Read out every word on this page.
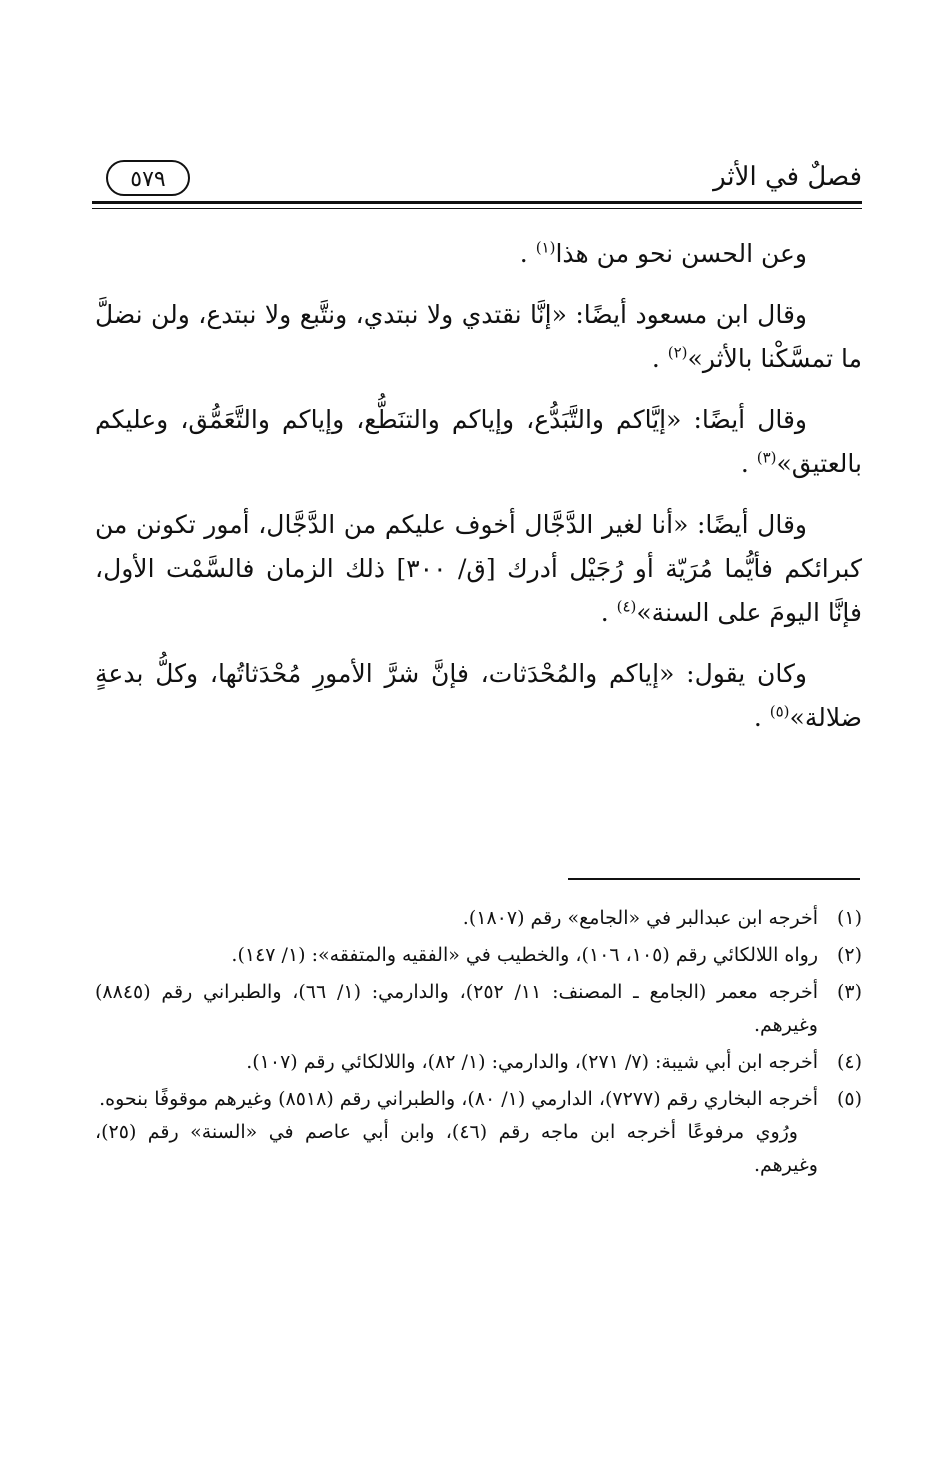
فصلٌ في الأثر
٥٧٩

وعن الحسن نحو من هذا$^{(١)}$ .

وقال ابن مسعود أيضًا: «إنَّا نقتدي ولا نبتدي، ونتَّبع ولا نبتدع، ولن نضلَّ ما تمسَّكْنا بالأثر»$^{(٢)}$ .

وقال أيضًا: «إيَّاكم والتَّبَدُّع، وإياكم والتنَطُّع، وإياكم والتَّعَمُّق، وعليكم بالعتيق»$^{(٣)}$ .

وقال أيضًا: «أنا لغير الدَّجَّال أخوف عليكم من الدَّجَّال، أمور تكونن من كبرائكم فأيُّما مُرَيّة أو رُجَيْل أدرك [ق/ ٣٠٠] ذلك الزمان فالسَّمْت الأول، فإنَّا اليومَ على السنة»$^{(٤)}$ .

وكان يقول: «إياكم والمُحْدَثات، فإنَّ شرَّ الأمورِ مُحْدَثاتُها، وكلُّ بدعةٍ ضلالة»$^{(٥)}$ .

(١)
أخرجه ابن عبدالبر في «الجامع» رقم (١٨٠٧).
(٢)
رواه اللالكائي رقم (١٠٥، ١٠٦)، والخطيب في «الفقيه والمتفقه»: (١/ ١٤٧).
(٣)
أخرجه معمر (الجامع ـ المصنف: ١١/ ٢٥٢)، والدارمي: (١/ ٦٦)، والطبراني رقم (٨٨٤٥) وغيرهم.
(٤)
أخرجه ابن أبي شيبة: (٧/ ٢٧١)، والدارمي: (١/ ٨٢)، واللالكائي رقم (١٠٧).
(٥)
أخرجه البخاري رقم (٧٢٧٧)، الدارمي (١/ ٨٠)، والطبراني رقم (٨٥١٨) وغيرهم موقوفًا بنحوه.
ورُوي مرفوعًا أخرجه ابن ماجه رقم (٤٦)، وابن أبي عاصم في «السنة» رقم (٢٥)، وغيرهم.
